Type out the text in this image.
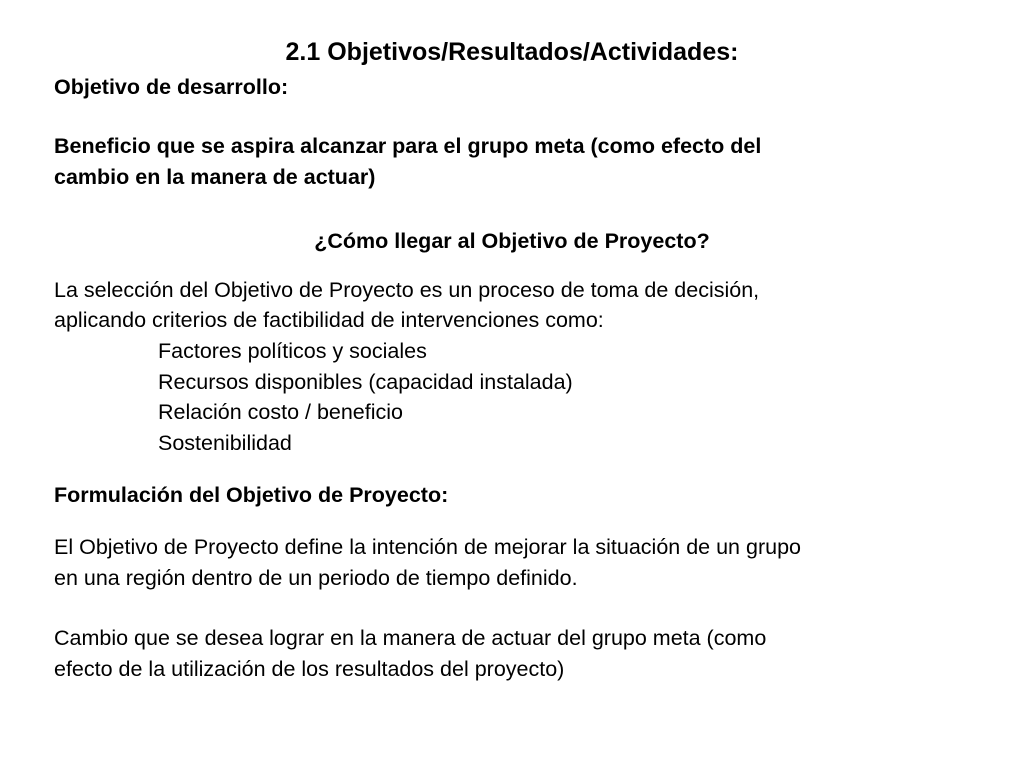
2.1 Objetivos/Resultados/Actividades:

Objetivo de desarrollo:

Beneficio que se aspira alcanzar para el grupo meta (como efecto del

cambio en la manera de actuar)

¿Cómo llegar al Objetivo de Proyecto?

La selección del Objetivo de Proyecto es un proceso de toma de decisión,

aplicando criterios de factibilidad de intervenciones como:

Factores políticos y sociales

Recursos disponibles (capacidad instalada)

Relación costo / beneficio

Sostenibilidad

Formulación del Objetivo de Proyecto:

El Objetivo de Proyecto define la intención de mejorar la situación de un grupo

en una región dentro de un periodo de tiempo definido.

Cambio que se desea lograr en la manera de actuar del grupo meta (como

efecto de la utilización de los resultados del proyecto)
